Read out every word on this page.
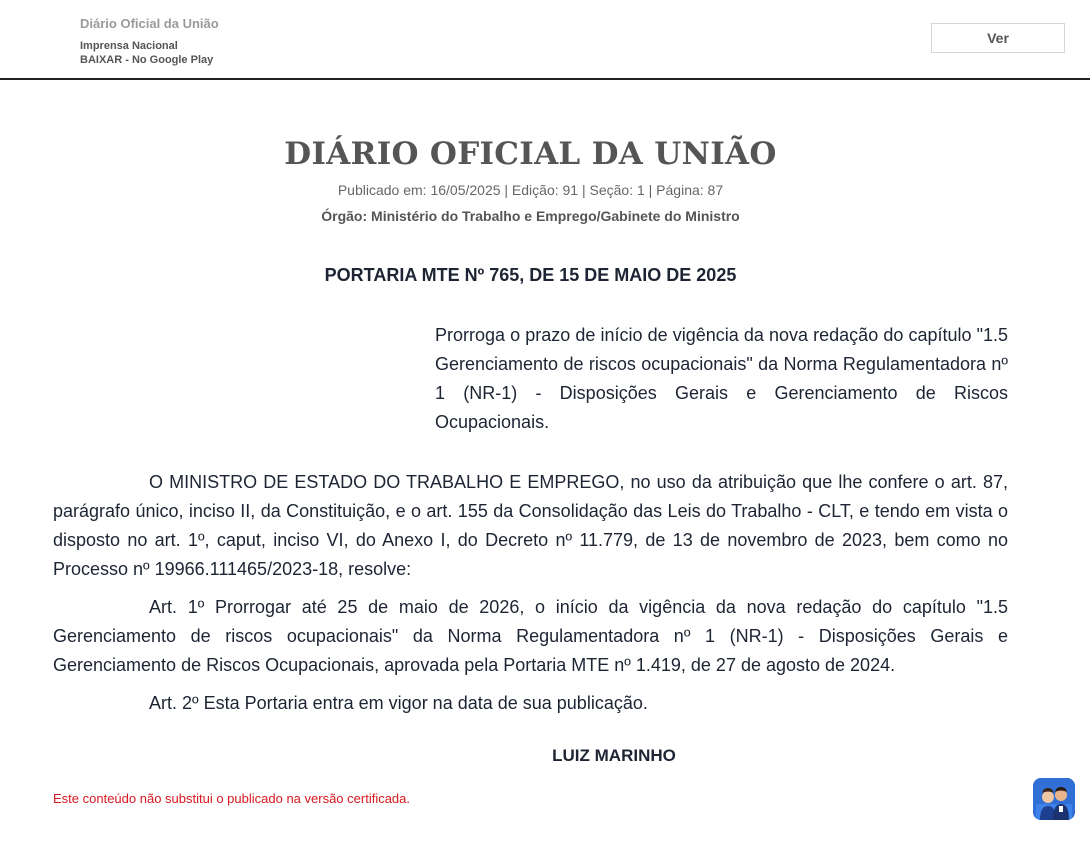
Diário Oficial da União
Imprensa Nacional
BAIXAR - No Google Play
Ver
DIÁRIO OFICIAL DA UNIÃO
Publicado em: 16/05/2025 | Edição: 91 | Seção: 1 | Página: 87
Órgão: Ministério do Trabalho e Emprego/Gabinete do Ministro
PORTARIA MTE Nº 765, DE 15 DE MAIO DE 2025
Prorroga o prazo de início de vigência da nova redação do capítulo "1.5 Gerenciamento de riscos ocupacionais" da Norma Regulamentadora nº 1 (NR-1) - Disposições Gerais e Gerenciamento de Riscos Ocupacionais.
O MINISTRO DE ESTADO DO TRABALHO E EMPREGO, no uso da atribuição que lhe confere o art. 87, parágrafo único, inciso II, da Constituição, e o art. 155 da Consolidação das Leis do Trabalho - CLT, e tendo em vista o disposto no art. 1º, caput, inciso VI, do Anexo I, do Decreto nº 11.779, de 13 de novembro de 2023, bem como no Processo nº 19966.111465/2023-18, resolve:
Art. 1º Prorrogar até 25 de maio de 2026, o início da vigência da nova redação do capítulo "1.5 Gerenciamento de riscos ocupacionais" da Norma Regulamentadora nº 1 (NR-1) - Disposições Gerais e Gerenciamento de Riscos Ocupacionais, aprovada pela Portaria MTE nº 1.419, de 27 de agosto de 2024.
Art. 2º Esta Portaria entra em vigor na data de sua publicação.
LUIZ MARINHO
Este conteúdo não substitui o publicado na versão certificada.
